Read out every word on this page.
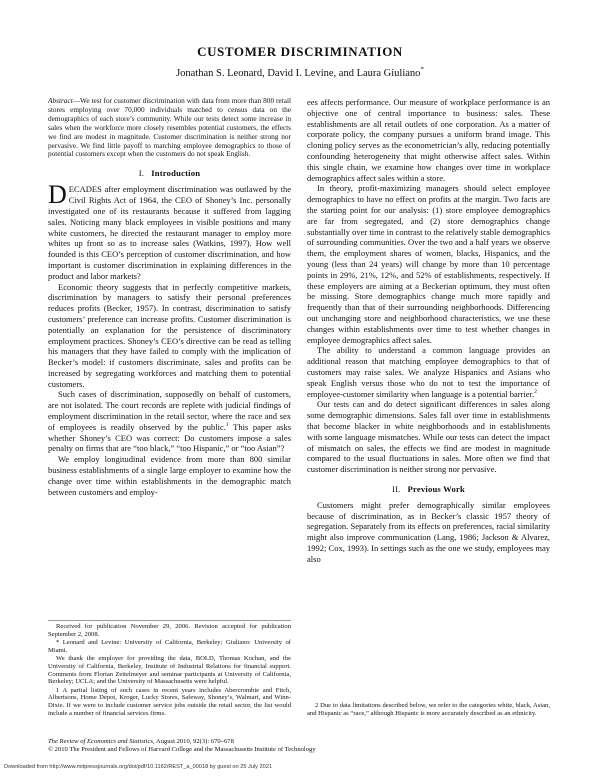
CUSTOMER DISCRIMINATION
Jonathan S. Leonard, David I. Levine, and Laura Giuliano*

Abstract—We test for customer discrimination with data from more than 800 retail stores employing over 70,000 individuals matched to census data on the demographics of each store’s community. While our tests detect some increase in sales when the workforce more closely resembles potential customers, the effects we find are modest in magnitude. Customer discrimination is neither strong nor pervasive. We find little payoff to matching employee demographics to those of potential customers except when the customers do not speak English.

I. Introduction

DECADES after employment discrimination was outlawed by the Civil Rights Act of 1964, the CEO of Shoney’s Inc. personally investigated one of its restaurants because it suffered from lagging sales. Noticing many black employees in visible positions and many white customers, he directed the restaurant manager to employ more whites up front so as to increase sales (Watkins, 1997). How well founded is this CEO’s perception of customer discrimination, and how important is customer discrimination in explaining differences in the product and labor markets?

Economic theory suggests that in perfectly competitive markets, discrimination by managers to satisfy their personal preferences reduces profits (Becker, 1957). In contrast, discrimination to satisfy customers’ preference can increase profits. Customer discrimination is potentially an explanation for the persistence of discriminatory employment practices. Shoney’s CEO’s directive can be read as telling his managers that they have failed to comply with the implication of Becker’s model: if customers discriminate, sales and profits can be increased by segregating workforces and matching them to potential customers.

Such cases of discrimination, supposedly on behalf of customers, are not isolated. The court records are replete with judicial findings of employment discrimination in the retail sector, where the race and sex of employees is readily observed by the public.$^1$ This paper asks whether Shoney’s CEO was correct: Do customers impose a sales penalty on firms that are “too black,” “too Hispanic,” or “too Asian”?

We employ longitudinal evidence from more than 800 similar business establishments of a single large employer to examine how the change over time within establishments in the demographic match between customers and employ-

ees affects performance. Our measure of workplace performance is an objective one of central importance to business: sales. These establishments are all retail outlets of one corporation. As a matter of corporate policy, the company pursues a uniform brand image. This cloning policy serves as the econometrician’s ally, reducing potentially confounding heterogeneity that might otherwise affect sales. Within this single chain, we examine how changes over time in workplace demographics affect sales within a store.

In theory, profit-maximizing managers should select employee demographics to have no effect on profits at the margin. Two facts are the starting point for our analysis: (1) store employee demographics are far from segregated, and (2) store demographics change substantially over time in contrast to the relatively stable demographics of surrounding communities. Over the two and a half years we observe them, the employment shares of women, blacks, Hispanics, and the young (less than 24 years) will change by more than 10 percentage points in 29%, 21%, 12%, and 52% of establishments, respectively. If these employers are aiming at a Beckerian optimum, they must often be missing. Store demographics change much more rapidly and frequently than that of their surrounding neighborhoods. Differencing out unchanging store and neighborhood characteristics, we use these changes within establishments over time to test whether changes in employee demographics affect sales.

The ability to understand a common language provides an additional reason that matching employee demographics to that of customers may raise sales. We analyze Hispanics and Asians who speak English versus those who do not to test the importance of employee-customer similarity when language is a potential barrier.$^2$

Our tests can and do detect significant differences in sales along some demographic dimensions. Sales fall over time in establishments that become blacker in white neighborhoods and in establishments with some language mismatches. While our tests can detect the impact of mismatch on sales, the effects we find are modest in magnitude compared to the usual fluctuations in sales. More often we find that customer discrimination is neither strong nor pervasive.

II. Previous Work

Customers might prefer demographically similar employees because of discrimination, as in Becker’s classic 1957 theory of segregation. Separately from its effects on preferences, racial similarity might also improve communication (Lang, 1986; Jackson & Alvarez, 1992; Cox, 1993). In settings such as the one we study, employees may also

Received for publication November 29, 2006. Revision accepted for publication September 2, 2008.

* Leonard and Levine: University of California, Berkeley; Giuliano: University of Miami.

We thank the employer for providing the data, BOLD, Thomas Kochan, and the University of California, Berkeley, Institute of Industrial Relations for financial support. Comments from Florian Zettelmeyer and seminar participants at University of California, Berkeley; UCLA; and the University of Massachusetts were helpful.

1 A partial listing of such cases in recent years includes Abercrombie and Fitch, Albertsons, Home Depot, Kroger, Lucky Stores, Safeway, Shoney’s, Walmart, and Winn-Dixie. If we were to include customer service jobs outside the retail sector, the list would include a number of financial services firms.

2 Due to data limitations described below, we refer to the categories white, black, Asian, and Hispanic as “race,” although Hispanic is more accurately described as an ethnicity.

The Review of Economics and Statistics, August 2010, 92(3): 670–678
© 2010 The President and Fellows of Harvard College and the Massachusetts Institute of Technology
Downloaded from http://www.mitpressjournals.org/doi/pdf/10.1162/REST_a_00018 by guest on 25 July 2021
